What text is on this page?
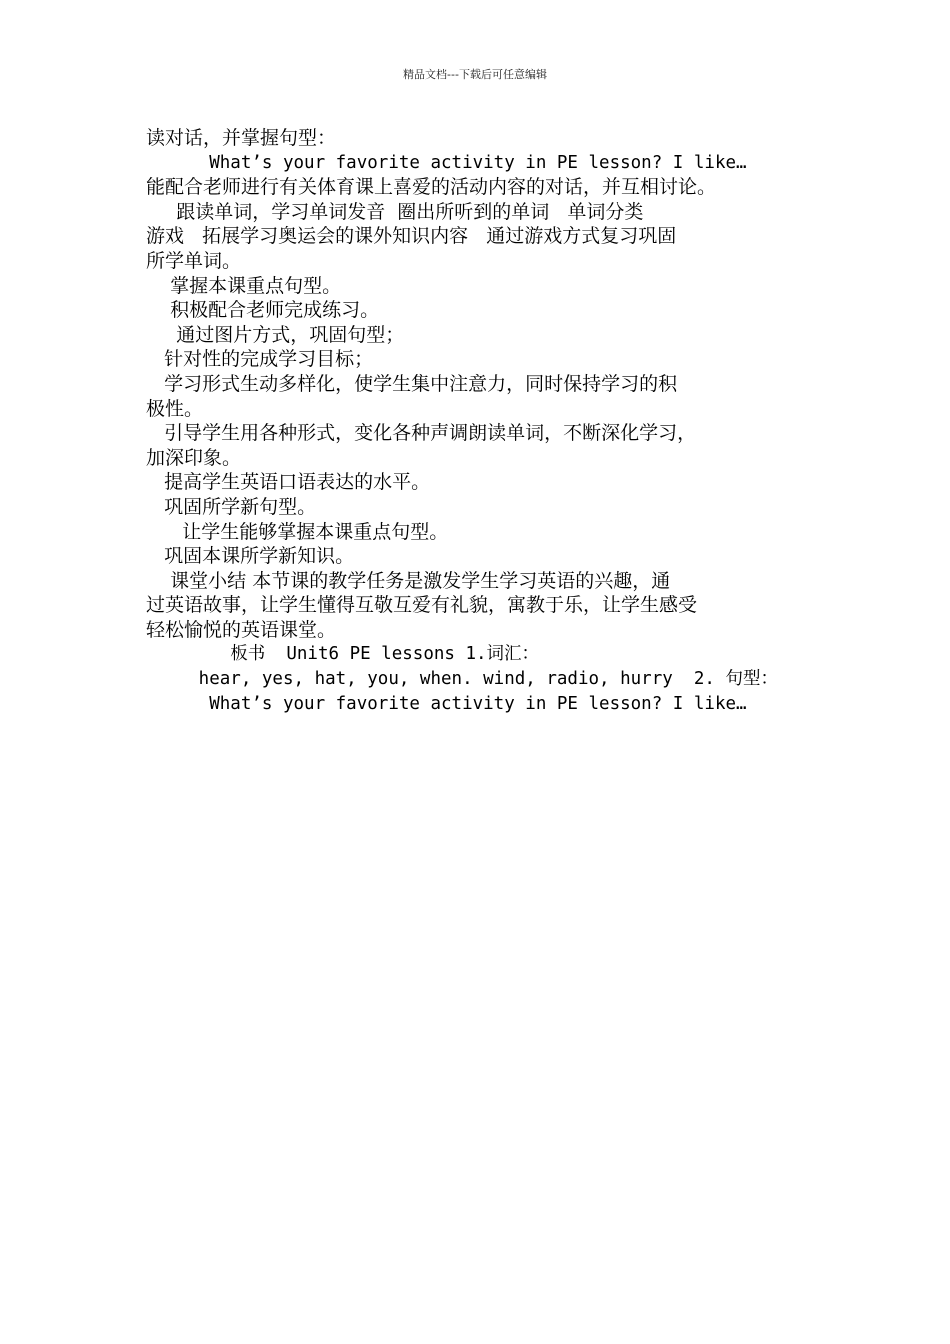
精品文档---下载后可任意编辑
读对话，并掌握句型：
What’s your favorite activity in PE lesson? I like…
能配合老师进行有关体育课上喜爱的活动内容的对话，并互相讨论。
跟读单词，学习单词发音  圈出所听到的单词   单词分类
游戏   拓展学习奥运会的课外知识内容   通过游戏方式复习巩固
所学单词。
掌握本课重点句型。
积极配合老师完成练习。
通过图片方式，巩固句型；
针对性的完成学习目标；
学习形式生动多样化，使学生集中注意力，同时保持学习的积
极性。
引导学生用各种形式，变化各种声调朗读单词，不断深化学习，
加深印象。
提高学生英语口语表达的水平。
巩固所学新句型。
让学生能够掌握本课重点句型。
巩固本课所学新知识。
课堂小结 本节课的教学任务是激发学生学习英语的兴趣，通
过英语故事，让学生懂得互敬互爱有礼貌，寓教于乐，让学生感受
轻松愉悦的英语课堂。
板书  Unit6 PE lessons 1.词汇：
hear, yes, hat, you, when. wind, radio, hurry  2. 句型：
What’s your favorite activity in PE lesson? I like…
